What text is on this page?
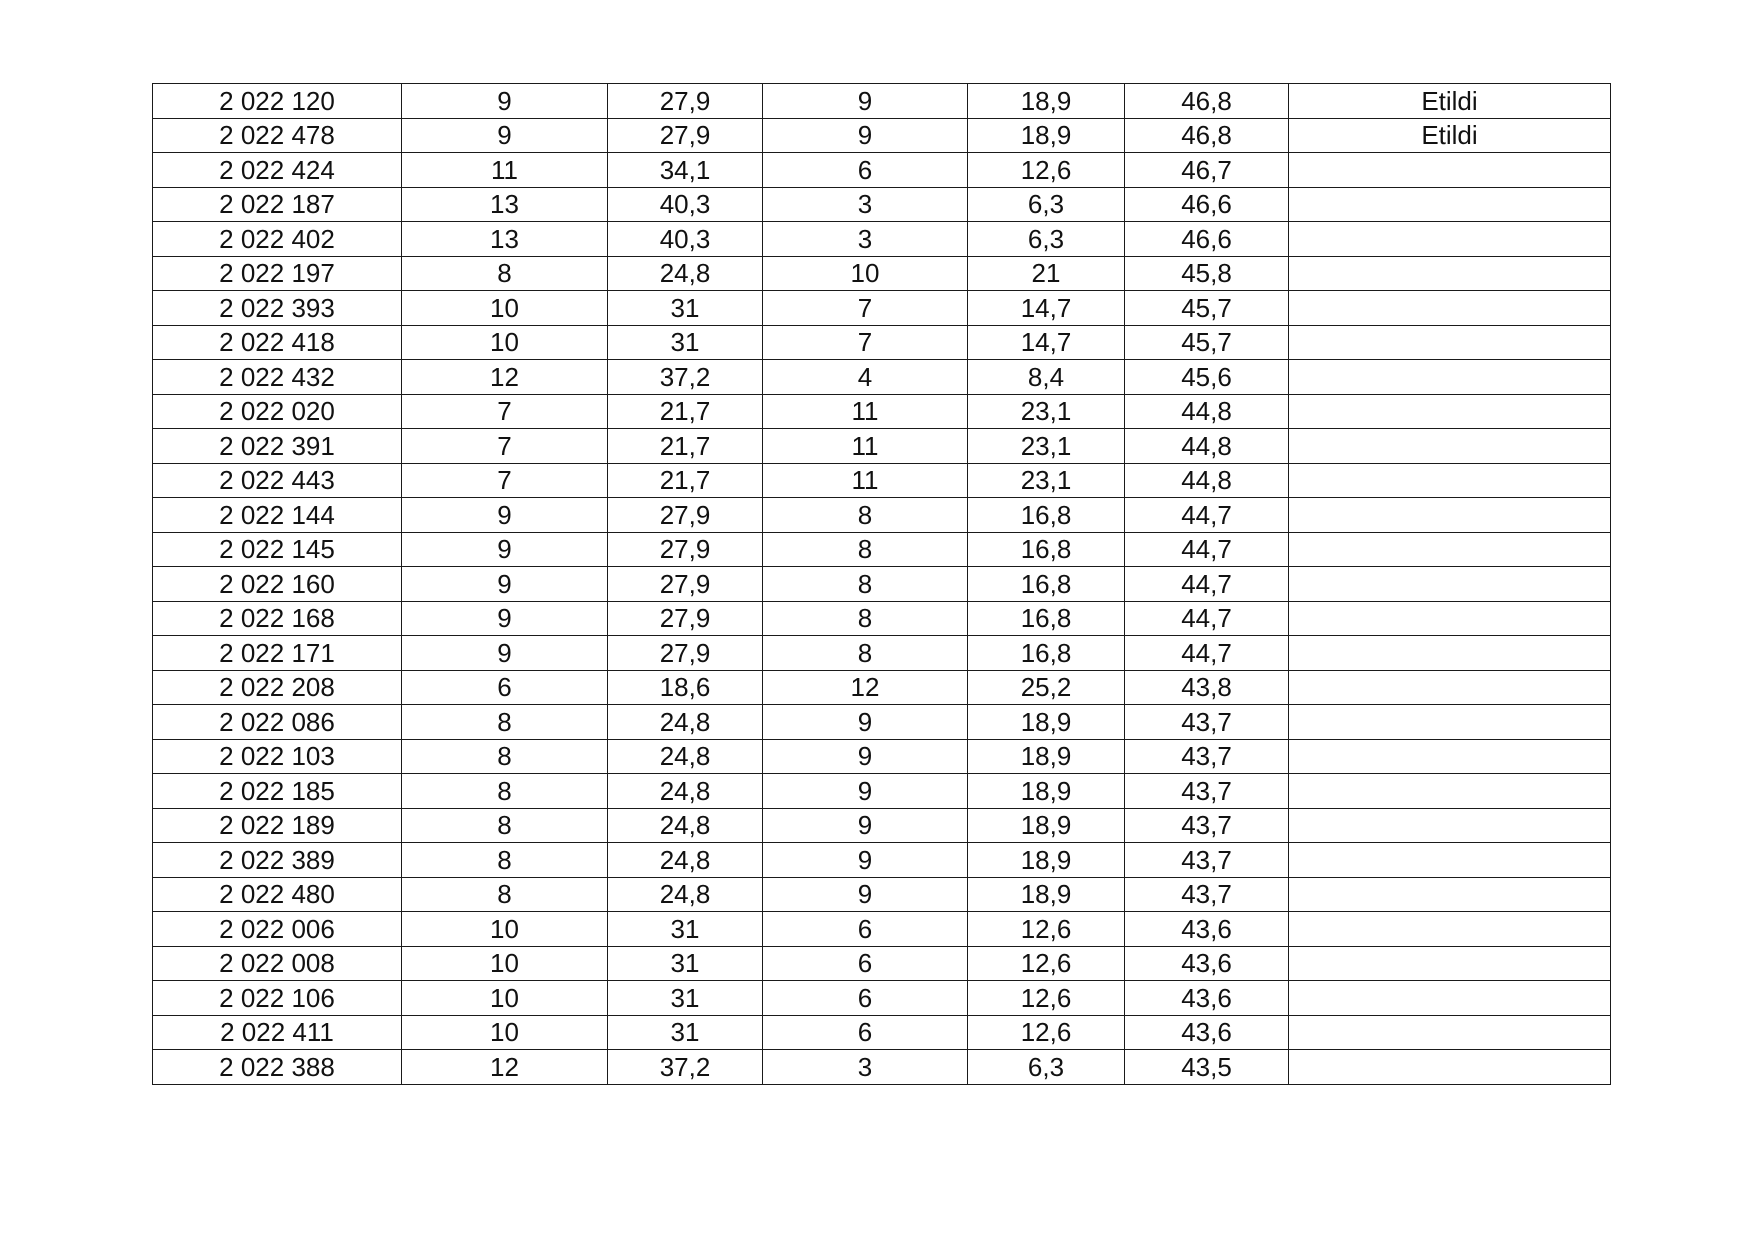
2 022 120	9	27,9	9	18,9	46,8	Etildi
2 022 478	9	27,9	9	18,9	46,8	Etildi
2 022 424	11	34,1	6	12,6	46,7	
2 022 187	13	40,3	3	6,3	46,6	
2 022 402	13	40,3	3	6,3	46,6	
2 022 197	8	24,8	10	21	45,8	
2 022 393	10	31	7	14,7	45,7	
2 022 418	10	31	7	14,7	45,7	
2 022 432	12	37,2	4	8,4	45,6	
2 022 020	7	21,7	11	23,1	44,8	
2 022 391	7	21,7	11	23,1	44,8	
2 022 443	7	21,7	11	23,1	44,8	
2 022 144	9	27,9	8	16,8	44,7	
2 022 145	9	27,9	8	16,8	44,7	
2 022 160	9	27,9	8	16,8	44,7	
2 022 168	9	27,9	8	16,8	44,7	
2 022 171	9	27,9	8	16,8	44,7	
2 022 208	6	18,6	12	25,2	43,8	
2 022 086	8	24,8	9	18,9	43,7	
2 022 103	8	24,8	9	18,9	43,7	
2 022 185	8	24,8	9	18,9	43,7	
2 022 189	8	24,8	9	18,9	43,7	
2 022 389	8	24,8	9	18,9	43,7	
2 022 480	8	24,8	9	18,9	43,7	
2 022 006	10	31	6	12,6	43,6	
2 022 008	10	31	6	12,6	43,6	
2 022 106	10	31	6	12,6	43,6	
2 022 411	10	31	6	12,6	43,6	
2 022 388	12	37,2	3	6,3	43,5	
